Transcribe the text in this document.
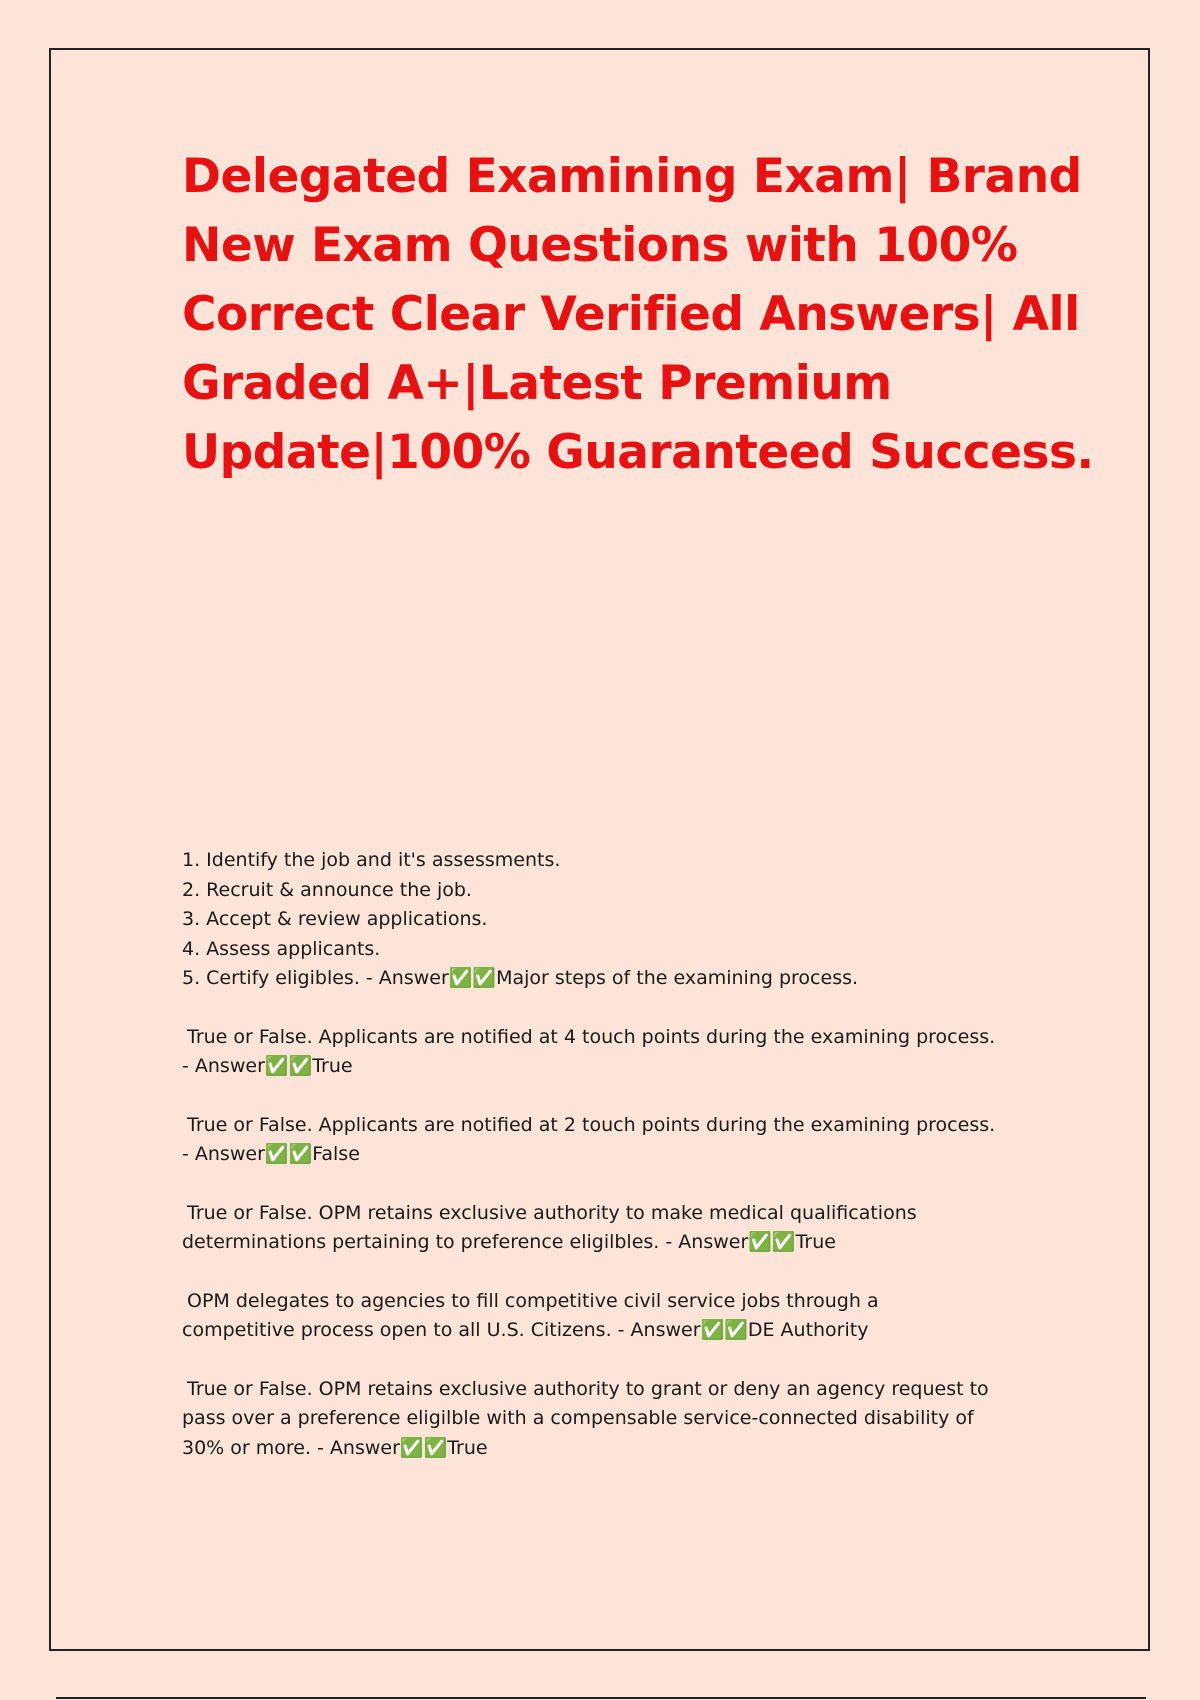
Delegated Examining Exam| Brand
New Exam Questions with 100%
Correct Clear Verified Answers| All
Graded A+|Latest Premium
Update|100% Guaranteed Success.
1. Identify the job and it's assessments.
2. Recruit & announce the job.
3. Accept & review applications.
4. Assess applicants.
5. Certify eligibles. - Answer✅✅Major steps of the examining process.
True or False. Applicants are notified at 4 touch points during the examining process.
- Answer✅✅True
True or False. Applicants are notified at 2 touch points during the examining process.
- Answer✅✅False
True or False. OPM retains exclusive authority to make medical qualifications
determinations pertaining to preference eligilbles. - Answer✅✅True
OPM delegates to agencies to fill competitive civil service jobs through a
competitive process open to all U.S. Citizens. - Answer✅✅DE Authority
True or False. OPM retains exclusive authority to grant or deny an agency request to
pass over a preference eligilble with a compensable service-connected disability of
30% or more. - Answer✅✅True
